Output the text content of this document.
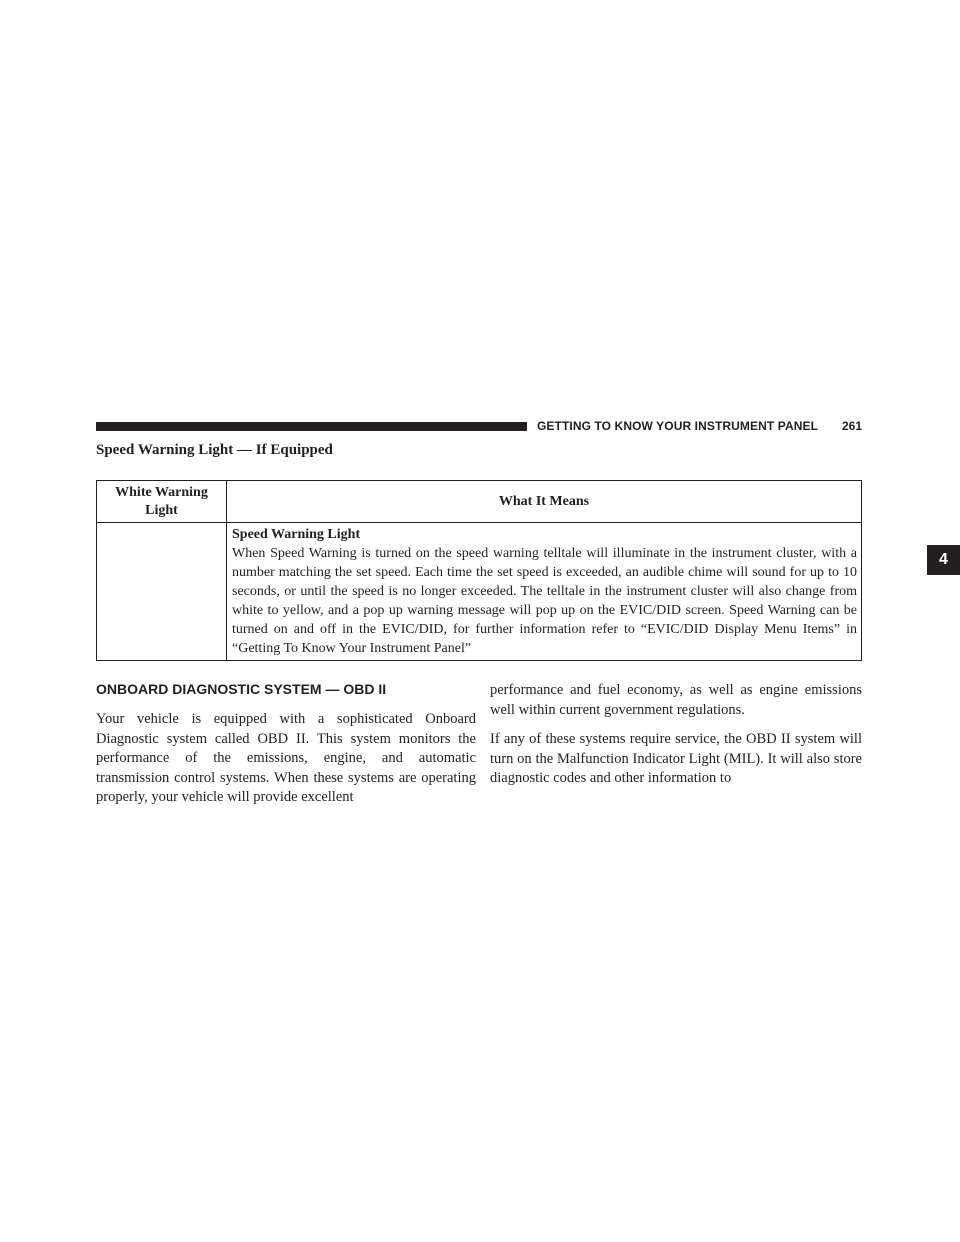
GETTING TO KNOW YOUR INSTRUMENT PANEL 261
4
Speed Warning Light — If Equipped
White Warning Light	What It Means

	Speed Warning Light
When Speed Warning is turned on the speed warning telltale will illuminate in the instrument cluster, with a number matching the set speed. Each time the set speed is exceeded, an audible chime will sound for up to 10 seconds, or until the speed is no longer exceeded. The telltale in the instrument cluster will also change from white to yellow, and a pop up warning message will pop up on the EVIC/DID screen. Speed Warning can be turned on and off in the EVIC/DID, for further information refer to “EVIC/DID Display Menu Items” in “Getting To Know Your Instrument Panel”
ONBOARD DIAGNOSTIC SYSTEM — OBD II
Your vehicle is equipped with a sophisticated Onboard Diagnostic system called OBD II. This system monitors the performance of the emissions, engine, and automatic transmission control systems. When these systems are operating properly, your vehicle will provide excellent

performance and fuel economy, as well as engine emissions well within current government regulations.

If any of these systems require service, the OBD II system will turn on the Malfunction Indicator Light (MIL). It will also store diagnostic codes and other information to
